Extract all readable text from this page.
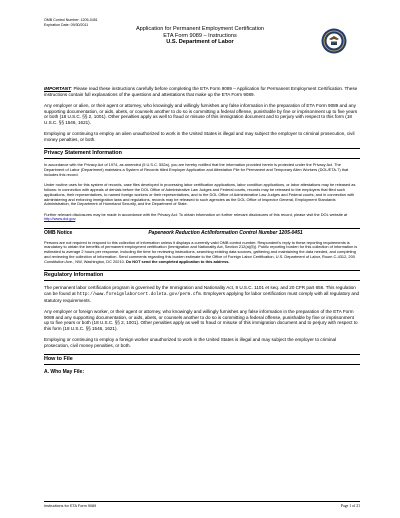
OMB Control Number: 1205-0451
Expiration Date: 09/30/2011
Application for Permanent Employment Certification
ETA Form 9089 – Instructions
U.S. Department of Labor

IMPORTANT: Please read these instructions carefully before completing the ETA Form 9089 – Application for Permanent Employment Certification. These instructions contain full explanations of the questions and attestations that make up the ETA Form 9089.

Any employer or alien, or their agent or attorney, who knowingly and willingly furnishes any false information in the preparation of ETA Form 9089 and any supporting documentation, or aids, abets, or counsels another to do so is committing a federal offense, punishable by fine or imprisonment up to five years or both (18 U.S.C. §§ 2, 1001). Other penalties apply as well to fraud or misuse of this immigration document and to perjury with respect to this form (18 U.S.C. §§ 1546, 1621).

Employing or continuing to employ an alien unauthorized to work in the United States is illegal and may subject the employer to criminal prosecution, civil money penalties, or both.

Privacy Statement Information

In accordance with the Privacy Act of 1974, as amended (5 U.S.C. 552a), you are hereby notified that the information provided herein is protected under the Privacy Act. The Department of Labor (Department) maintains a System of Records titled Employer Application and Attestation File for Permanent and Temporary Alien Workers (DOL/ETA-7) that includes this record.

Under routine uses for this system of records, case files developed in processing labor certification applications, labor condition applications, or labor attestations may be released as follows: in connection with appeals of denials before the DOL Office of Administrative Law Judges and Federal courts, records may be released to the employers that filed such applications, their representatives, to named foreign workers or their representatives, and to the DOL Office of Administrative Law Judges and Federal courts; and in connection with administering and enforcing immigration laws and regulations, records may be released to such agencies as the DOL Office of Inspector General, Employment Standards Administration, the Department of Homeland Security, and the Department of State.

Further relevant disclosures may be made in accordance with the Privacy Act. To obtain information on further relevant disclosures of this record, please visit the DOL website at http://www.dol.gov.

OMB Notice	Paperwork Reduction Act/Information Control Number 1205-0451

Persons are not required to respond to this collection of information unless it displays a currently valid OMB control number. Respondent's reply to these reporting requirements is mandatory to obtain the benefits of permanent employment certification (Immigration and Nationality Act, Section 212(a)(5)). Public reporting burden for this collection of information is estimated to average 2 hours per response, including the time for reviewing instructions, searching existing data sources, gathering and maintaining the data needed, and completing and reviewing the collection of information. Send comments regarding this burden estimate to the Office of Foreign Labor Certification, U.S. Department of Labor, Room C-4312, 200 Constitution Ave., NW, Washington, DC 20210. Do NOT send the completed application to this address.

Regulatory Information

The permanent labor certification program is governed by the Immigration and Nationality Act, 8 U.S.C. 1101 et seq. and 20 CFR part 656. This regulation can be found at http://www.foreignlaborcert.doleta.gov/perm.cfm. Employers applying for labor certification must comply with all regulatory and statutory requirements.

Any employer or foreign worker, or their agent or attorney, who knowingly and willingly furnishes any false information in the preparation of the ETA Form 9089 and any supporting documentation, or aids, abets, or counsels another to do so is committing a federal offense, punishable by fine or imprisonment up to five years or both (18 U.S.C. §§ 2, 1001). Other penalties apply as well to fraud or misuse of this immigration document and to perjury with respect to this form (18 U.S.C. §§ 1546, 1621).

Employing or continuing to employ a foreign worker unauthorized to work in the United States is illegal and may subject the employer to criminal prosecution, civil money penalties, or both.

How to File
A. Who May File:
Instructions for ETA Form 9089	Page 1 of 21
